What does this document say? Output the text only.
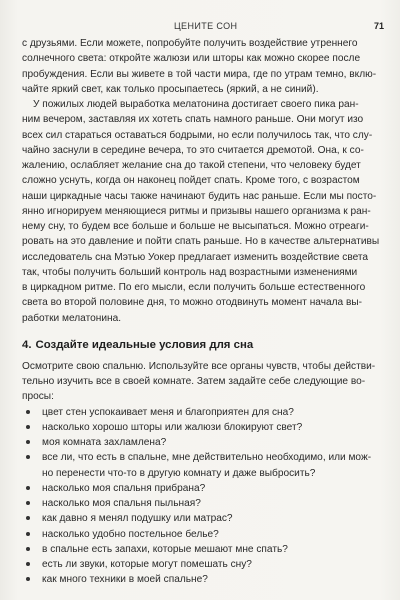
ЦЕНИТЕ СОН	71

с друзьями. Если можете, попробуйте получить воздействие утреннего
солнечного света: откройте жалюзи или шторы как можно скорее после
пробуждения. Если вы живете в той части мира, где по утрам темно, вклю-
чайте яркий свет, как только просыпаетесь (яркий, а не синий).

У пожилых людей выработка мелатонина достигает своего пика ран-
ним вечером, заставляя их хотеть спать намного раньше. Они могут изо
всех сил стараться оставаться бодрыми, но если получилось так, что слу-
чайно заснули в середине вечера, то это считается дремотой. Она, к со-
жалению, ослабляет желание сна до такой степени, что человеку будет
сложно уснуть, когда он наконец пойдет спать. Кроме того, с возрастом
наши циркадные часы также начинают будить нас раньше. Если мы посто-
янно игнорируем меняющиеся ритмы и призывы нашего организма к ран-
нему сну, то будем все больше и больше не высыпаться. Можно отреаги-
ровать на это давление и пойти спать раньше. Но в качестве альтернативы
исследователь сна Мэтью Уокер предлагает изменить воздействие света
так, чтобы получить больший контроль над возрастными изменениями
в циркадном ритме. По его мысли, если получить больше естественного
света во второй половине дня, то можно отодвинуть момент начала вы-
работки мелатонина.

4. Создайте идеальные условия для сна

Осмотрите свою спальню. Используйте все органы чувств, чтобы действи-
тельно изучить все в своей комнате. Затем задайте себе следующие во-
просы:

цвет стен успокаивает меня и благоприятен для сна?
насколько хорошо шторы или жалюзи блокируют свет?
моя комната захламлена?
все ли, что есть в спальне, мне действительно необходимо, или мож-
но перенести что-то в другую комнату и даже выбросить?
насколько моя спальня прибрана?
насколько моя спальня пыльная?
как давно я менял подушку или матрас?
насколько удобно постельное белье?
в спальне есть запахи, которые мешают мне спать?
есть ли звуки, которые могут помешать сну?
как много техники в моей спальне?
